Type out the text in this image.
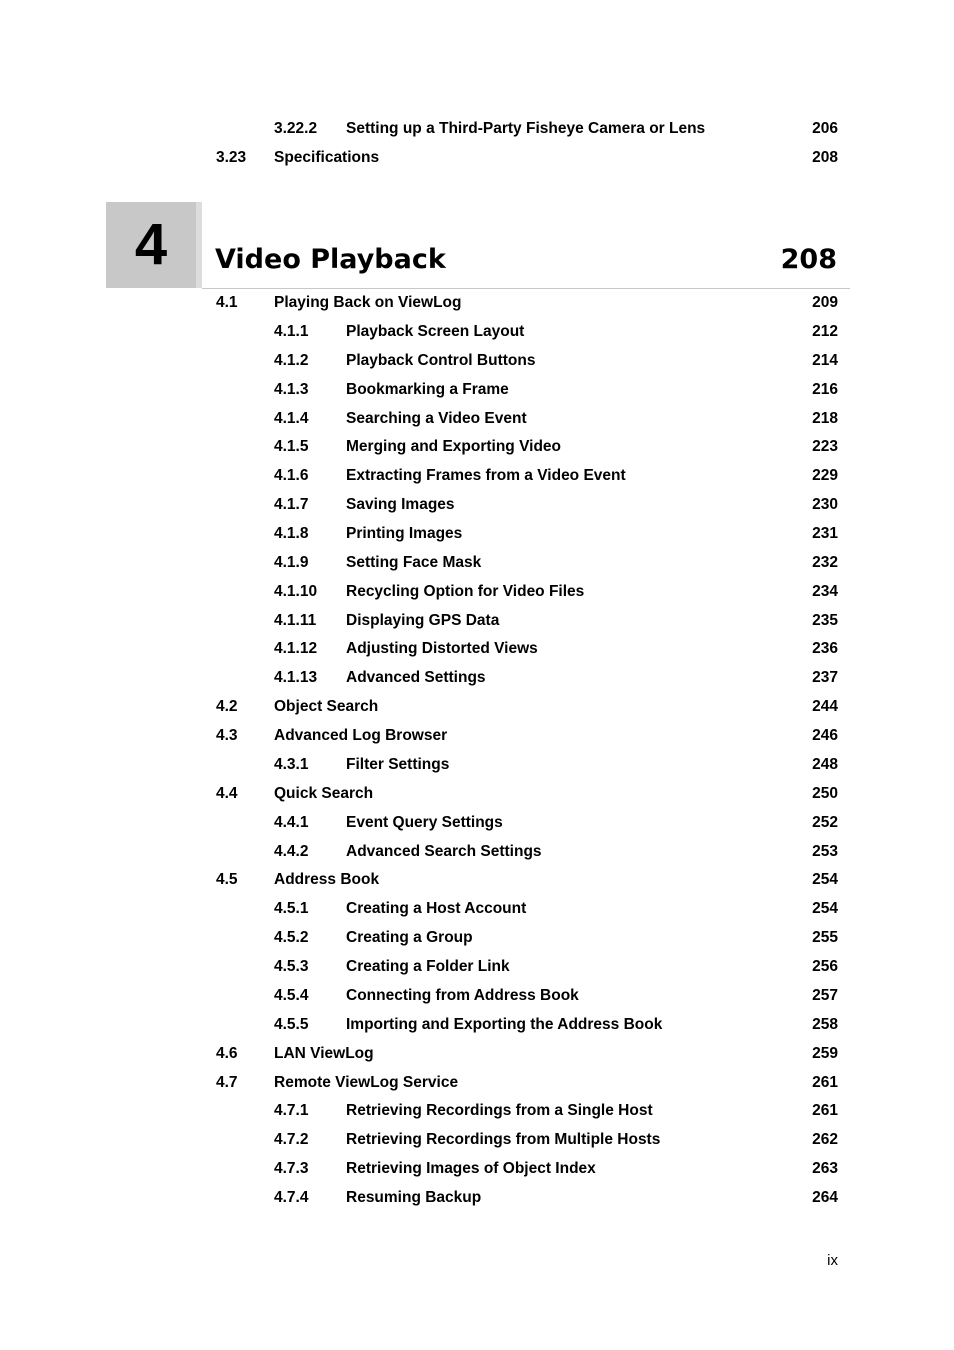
3.22.2	Setting up a Third-Party Fisheye Camera or Lens	206
3.23	Specifications	208
4 Video Playback	208
4.1	Playing Back on ViewLog	209
4.1.1	Playback Screen Layout	212
4.1.2	Playback Control Buttons	214
4.1.3	Bookmarking a Frame	216
4.1.4	Searching a Video Event	218
4.1.5	Merging and Exporting Video	223
4.1.6	Extracting Frames from a Video Event	229
4.1.7	Saving Images	230
4.1.8	Printing Images	231
4.1.9	Setting Face Mask	232
4.1.10	Recycling Option for Video Files	234
4.1.11	Displaying GPS Data	235
4.1.12	Adjusting Distorted Views	236
4.1.13	Advanced Settings	237
4.2	Object Search	244
4.3	Advanced Log Browser	246
4.3.1	Filter Settings	248
4.4	Quick Search	250
4.4.1	Event Query Settings	252
4.4.2	Advanced Search Settings	253
4.5	Address Book	254
4.5.1	Creating a Host Account	254
4.5.2	Creating a Group	255
4.5.3	Creating a Folder Link	256
4.5.4	Connecting from Address Book	257
4.5.5	Importing and Exporting the Address Book	258
4.6	LAN ViewLog	259
4.7	Remote ViewLog Service	261
4.7.1	Retrieving Recordings from a Single Host	261
4.7.2	Retrieving Recordings from Multiple Hosts	262
4.7.3	Retrieving Images of Object Index	263
4.7.4	Resuming Backup	264
ix
